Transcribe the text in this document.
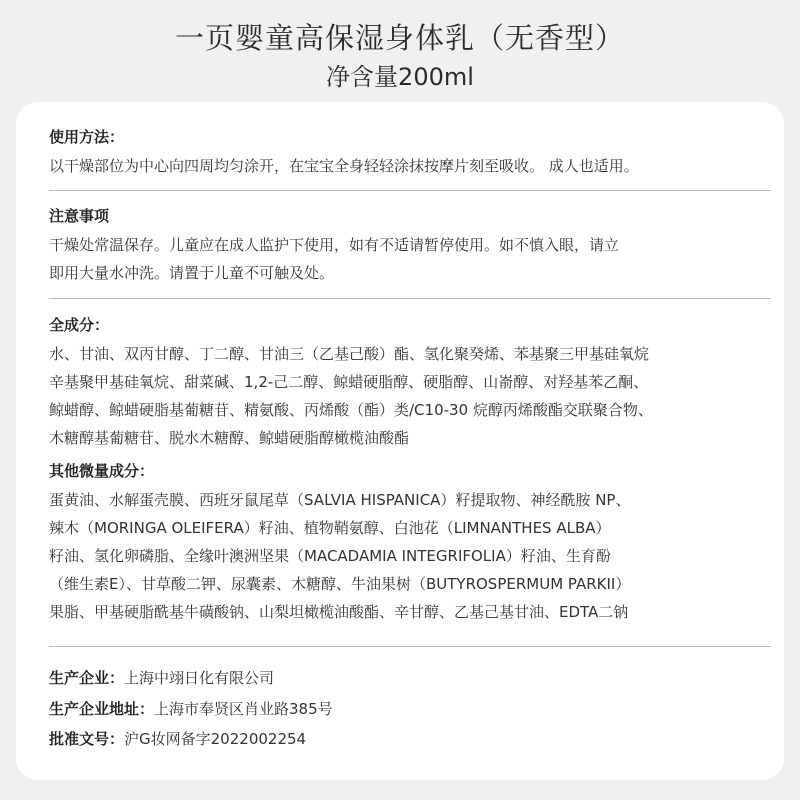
一页婴童高保湿身体乳（无香型）
净含量200ml
使用方法：
以干燥部位为中心向四周均匀涂开，在宝宝全身轻轻涂抹按摩片刻至吸收。 成人也适用。
注意事项
干燥处常温保存。儿童应在成人监护下使用，如有不适请暂停使用。如不慎入眼，请立
即用大量水冲洗。请置于儿童不可触及处。
全成分：
水、甘油、双丙甘醇、丁二醇、甘油三（乙基己酸）酯、氢化聚癸烯、苯基聚三甲基硅氧烷
辛基聚甲基硅氧烷、甜菜碱、1,2-己二醇、鲸蜡硬脂醇、硬脂醇、山嵛醇、对羟基苯乙酮、
鲸蜡醇、鲸蜡硬脂基葡糖苷、精氨酸、丙烯酸（酯）类/C10-30 烷醇丙烯酸酯交联聚合物、
木糖醇基葡糖苷、脱水木糖醇、鲸蜡硬脂醇橄榄油酸酯
其他微量成分：
蛋黄油、水解蛋壳膜、西班牙鼠尾草（SALVIA HISPANICA）籽提取物、神经酰胺 NP、
辣木（MORINGA OLEIFERA）籽油、植物鞘氨醇、白池花（LIMNANTHES ALBA）
籽油、氢化卵磷脂、全缘叶澳洲坚果（MACADAMIA INTEGRIFOLIA）籽油、生育酚
（维生素E）、甘草酸二钾、尿囊素、木糖醇、牛油果树（BUTYROSPERMUM PARKII）
果脂、甲基硬脂酰基牛磺酸钠、山梨坦橄榄油酸酯、辛甘醇、乙基己基甘油、EDTA二钠
生产企业：上海中翊日化有限公司
生产企业地址：上海市奉贤区肖业路385号
批准文号：沪G妆网备字2022002254
